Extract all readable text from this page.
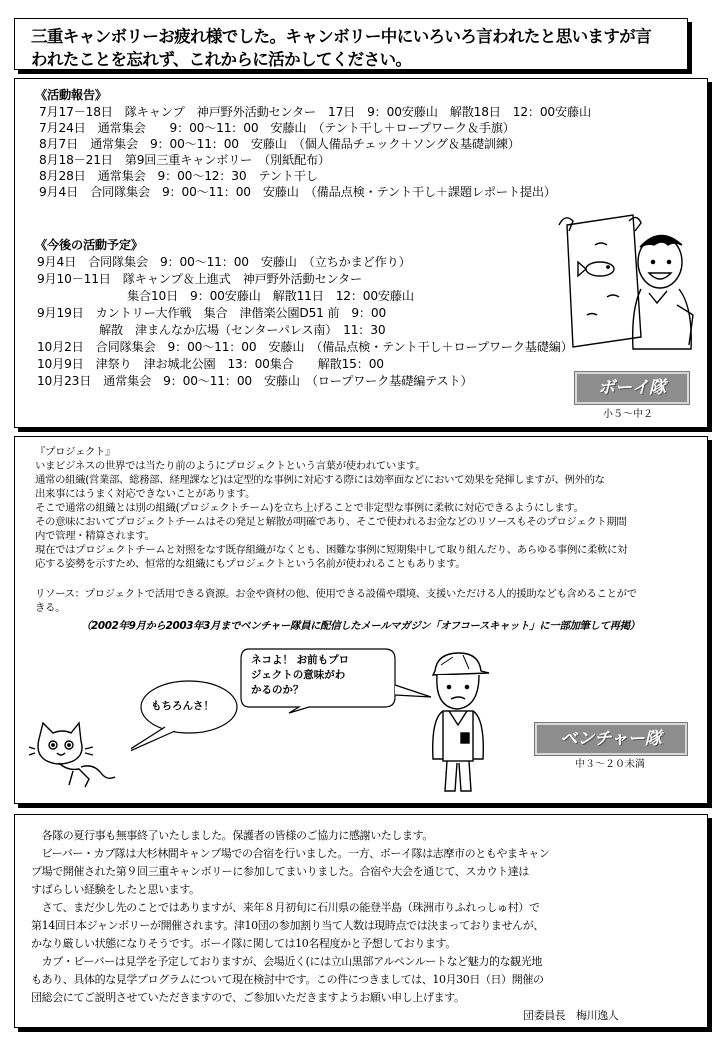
三重キャンボリーお疲れ様でした。キャンボリー中にいろいろ言われたと思いますが言

われたことを忘れず、これからに活かしてください。

《活動報告》
7月17－18日　隊キャンプ　神戸野外活動センター　17日　9：00安藤山　解散18日　12：00安藤山
7月24日　通常集会　　9：00～11：00　安藤山　（テント干し＋ロープワーク＆手旗）
8月7日　通常集会　9：00～11：00　安藤山　（個人備品チェック＋ソング＆基礎訓練）
8月18－21日　第9回三重キャンボリー　（別紙配布）
8月28日　通常集会　9：00～12：30　テント干し
9月4日　合同隊集会　9：00～11：00　安藤山　（備品点検・テント干し＋課題レポート提出）
《今後の活動予定》
9月4日　合同隊集会　9：00～11：00　安藤山　（立ちかまど作り）
9月10－11日　隊キャンプ＆上進式　神戸野外活動センター
集合10日　9：00安藤山　解散11日　12：00安藤山
9月19日　カントリー大作戦　集合　津偕楽公園D51 前　9：00
解散　津まんなか広場（センターパレス南）　11：30
10月2日　合同隊集会　9：00～11：00　安藤山　（備品点検・テント干し＋ロープワーク基礎編）
10月9日　津祭り　津お城北公園　13：00集合　　解散15：00
10月23日　通常集会　9：00～11：00　安藤山　（ロープワーク基礎編テスト）	ボーイ隊
小５～中２
『プロジェクト』
いまビジネスの世界では当たり前のようにプロジェクトという言葉が使われています。
通常の組織(営業部、総務部、経理課など)は定型的な事例に対応する際には効率面などにおいて効果を発揮しますが、例外的な
出来事にはうまく対応できないことがあります。
そこで通常の組織とは別の組織(プロジェクトチーム)を立ち上げることで非定型な事例に柔軟に対応できるようにします。
その意味においてプロジェクトチームはその発足と解散が明確であり、そこで使われるお金などのリソースもそのプロジェクト期間
内で管理・精算されます。
現在ではプロジェクトチームと対照をなす既存組織がなくとも、困難な事例に短期集中して取り組んだり、あらゆる事例に柔軟に対
応する姿勢を示すため、恒常的な組織にもプロジェクトという名前が使われることもあります。
リソース：プロジェクトで活用できる資源。お金や資材の他、使用できる設備や環境、支援いただける人的援助なども含めることがで
きる。
（2002年9月から2003年3月までベンチャー隊員に配信したメールマガジン「オフコースキャット」に一部加筆して再掲）
ネコよ！ お前もプロ
ジェクトの意味がわ
かるのか？
もちろんさ！
ベンチャー隊
中３～２０未満
　各隊の夏行事も無事終了いたしました。保護者の皆様のご協力に感謝いたします。
　ビーバー・カブ隊は大杉林間キャンプ場での合宿を行いました。一方、ボーイ隊は志摩市のともやまキャン
プ場で開催された第９回三重キャンボリーに参加してまいりました。合宿や大会を通じて、スカウト達は
すばらしい経験をしたと思います。
　さて、まだ少し先のことではありますが、来年８月初旬に石川県の能登半島（珠洲市りふれっしゅ村）で
第14回日本ジャンボリーが開催されます。津10団の参加割り当て人数は現時点では決まっておりませんが、
かなり厳しい状態になりそうです。ボーイ隊に関しては10名程度かと予想しております。
　カブ・ビーバーは見学を予定しておりますが、会場近く(には立山黒部アルペンルートなど魅力的な観光地
もあり、具体的な見学プログラムについて現在検討中です。この件につきましては、10月30日（日）開催の
団総会にてご説明させていただきますので、ご参加いただきますようお願い申し上げます。
団委員長　梅川逸人
